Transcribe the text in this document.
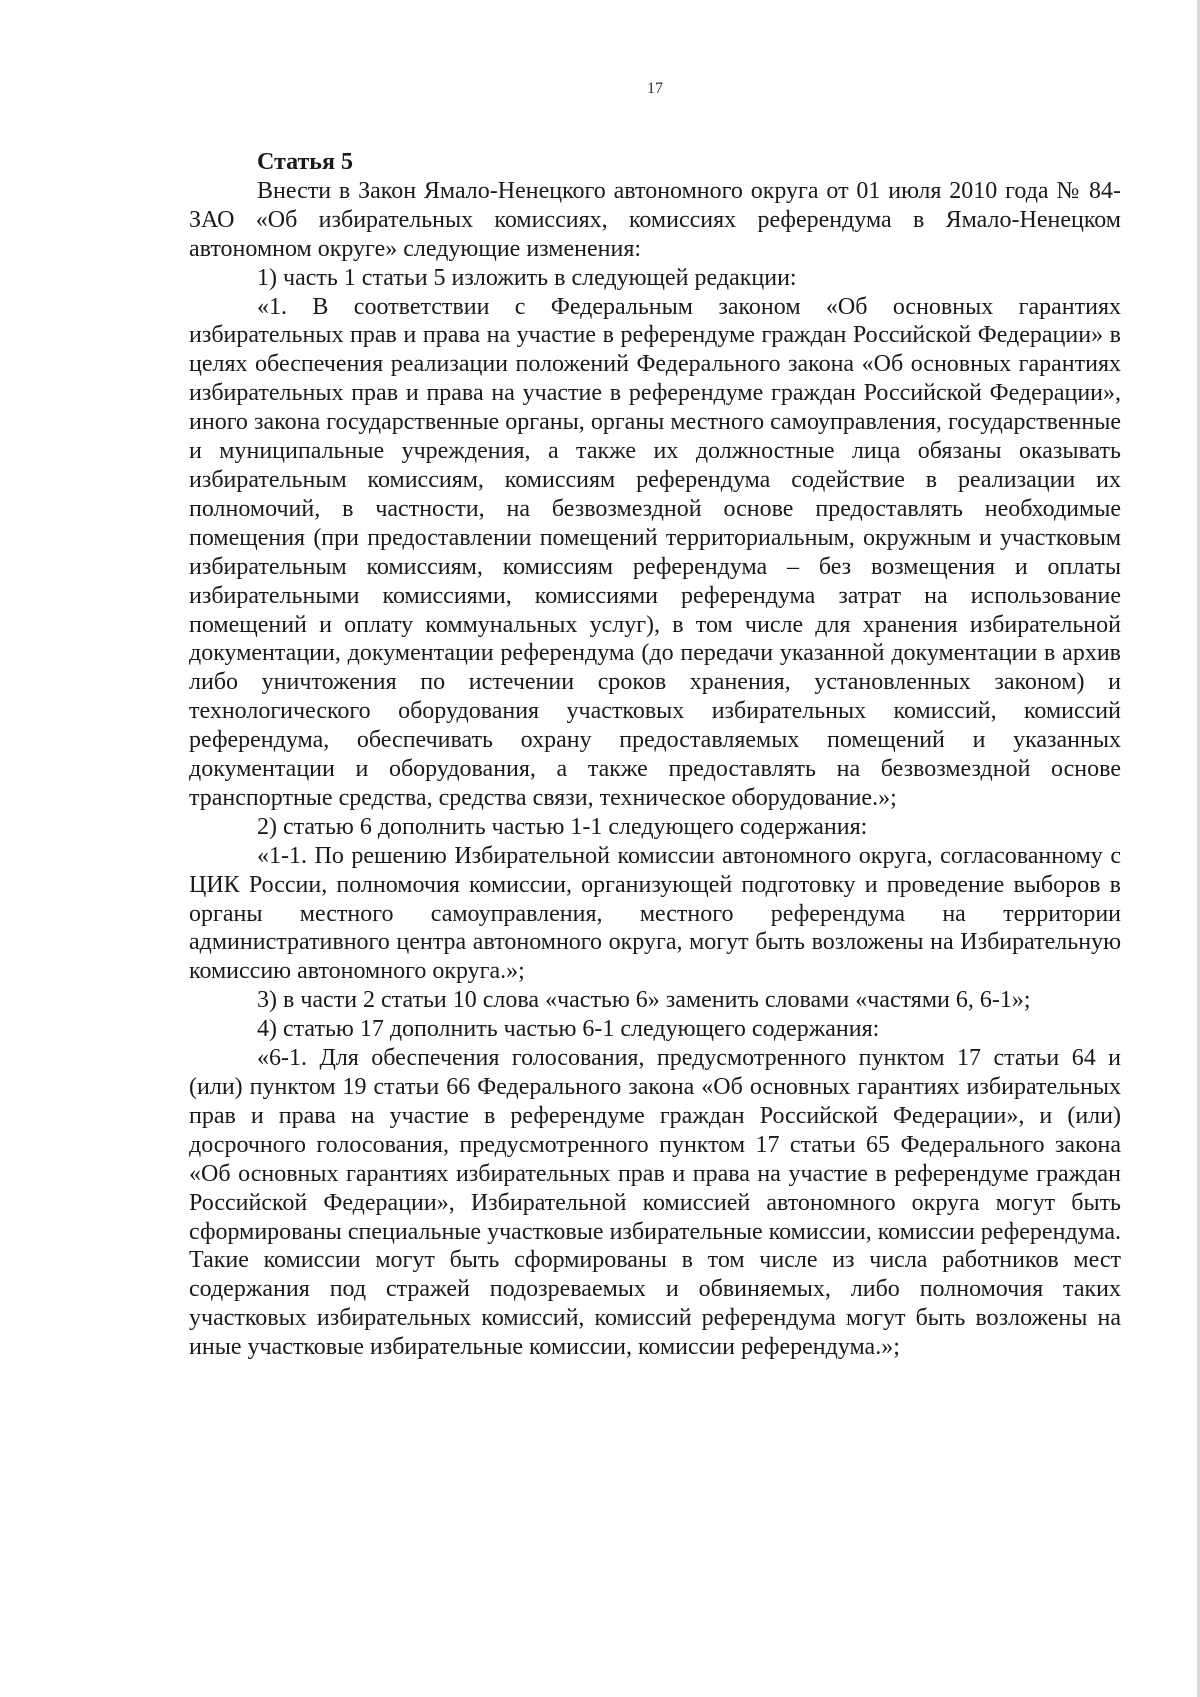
17

Статья 5

Внести в Закон Ямало-Ненецкого автономного округа от 01 июля 2010 года № 84-ЗАО «Об избирательных комиссиях, комиссиях референдума в Ямало-Ненецком автономном округе» следующие изменения:

1) часть 1 статьи 5 изложить в следующей редакции:

«1. В соответствии с Федеральным законом «Об основных гарантиях избирательных прав и права на участие в референдуме граждан Российской Федерации» в целях обеспечения реализации положений Федерального закона «Об основных гарантиях избирательных прав и права на участие в референдуме граждан Российской Федерации», иного закона государственные органы, органы местного самоуправления, государственные и муниципальные учреждения, а также их должностные лица обязаны оказывать избирательным комиссиям, комиссиям референдума содействие в реализации их полномочий, в частности, на безвозмездной основе предоставлять необходимые помещения (при предоставлении помещений территориальным, окружным и участковым избирательным комиссиям, комиссиям референдума – без возмещения и оплаты избирательными комиссиями, комиссиями референдума затрат на использование помещений и оплату коммунальных услуг), в том числе для хранения избирательной документации, документации референдума (до передачи указанной документации в архив либо уничтожения по истечении сроков хранения, установленных законом) и технологического оборудования участковых избирательных комиссий, комиссий референдума, обеспечивать охрану предоставляемых помещений и указанных документации и оборудования, а также предоставлять на безвозмездной основе транспортные средства, средства связи, техническое оборудование.»;

2) статью 6 дополнить частью 1-1 следующего содержания:

«1-1. По решению Избирательной комиссии автономного округа, согласованному с ЦИК России, полномочия комиссии, организующей подготовку и проведение выборов в органы местного самоуправления, местного референдума на территории административного центра автономного округа, могут быть возложены на Избирательную комиссию автономного округа.»;

3) в части 2 статьи 10 слова «частью 6» заменить словами «частями 6, 6-1»;

4) статью 17 дополнить частью 6-1 следующего содержания:

«6-1. Для обеспечения голосования, предусмотренного пунктом 17 статьи 64 и (или) пунктом 19 статьи 66 Федерального закона «Об основных гарантиях избирательных прав и права на участие в референдуме граждан Российской Федерации», и (или) досрочного голосования, предусмотренного пунктом 17 статьи 65 Федерального закона «Об основных гарантиях избирательных прав и права на участие в референдуме граждан Российской Федерации», Избирательной комиссией автономного округа могут быть сформированы специальные участковые избирательные комиссии, комиссии референдума. Такие комиссии могут быть сформированы в том числе из числа работников мест содержания под стражей подозреваемых и обвиняемых, либо полномочия таких участковых избирательных комиссий, комиссий референдума могут быть возложены на иные участковые избирательные комиссии, комиссии референдума.»;
